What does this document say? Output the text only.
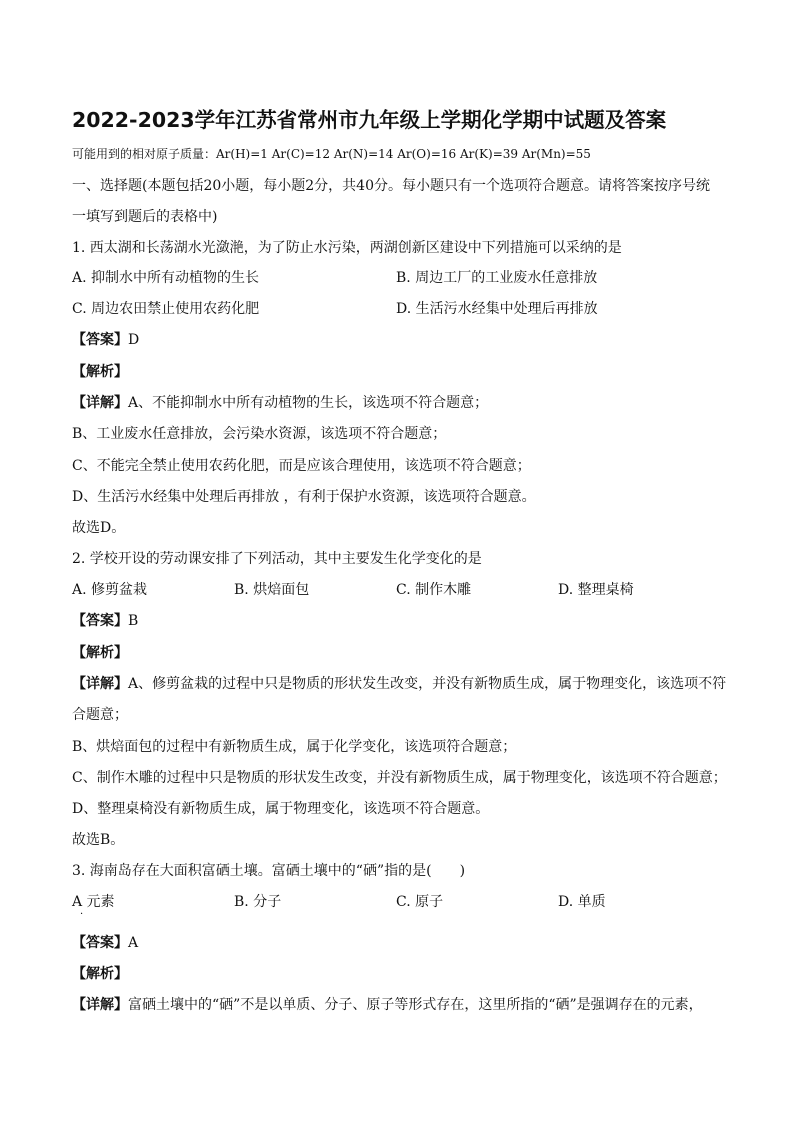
2022-2023学年江苏省常州市九年级上学期化学期中试题及答案
可能用到的相对原子质量：Ar(H)=1 Ar(C)=12 Ar(N)=14 Ar(O)=16 Ar(K)=39 Ar(Mn)=55
一、选择题(本题包括20小题，每小题2分，共40分。每小题只有一个选项符合题意。请将答案按序号统
一填写到题后的表格中)
1. 西太湖和长荡湖水光潋滟，为了防止水污染，两湖创新区建设中下列措施可以采纳的是
A. 抑制水中所有动植物的生长	B. 周边工厂的工业废水任意排放
C. 周边农田禁止使用农药化肥	D. 生活污水经集中处理后再排放
【答案】D
【解析】
【详解】A、不能抑制水中所有动植物的生长，该选项不符合题意；
B、工业废水任意排放，会污染水资源，该选项不符合题意；
C、不能完全禁止使用农药化肥，而是应该合理使用，该选项不符合题意；
D、生活污水经集中处理后再排放 ，有利于保护水资源，该选项符合题意。
故选D。
2. 学校开设的劳动课安排了下列活动，其中主要发生化学变化的是
A. 修剪盆栽	B. 烘焙面包	C. 制作木雕	D. 整理桌椅
【答案】B
【解析】
【详解】A、修剪盆栽的过程中只是物质的形状发生改变，并没有新物质生成，属于物理变化，该选项不符
合题意；
B、烘焙面包的过程中有新物质生成，属于化学变化，该选项符合题意；
C、制作木雕的过程中只是物质的形状发生改变，并没有新物质生成，属于物理变化，该选项不符合题意；
D、整理桌椅没有新物质生成，属于物理变化，该选项不符合题意。
故选B。
3. 海南岛存在大面积富硒土壤。富硒土壤中的“硒”指的是(　　)
A 元素
·
B. 分子	C. 原子	D. 单质
【答案】A
【解析】
【详解】富硒土壤中的“硒”不是以单质、分子、原子等形式存在，这里所指的“硒”是强调存在的元素，
